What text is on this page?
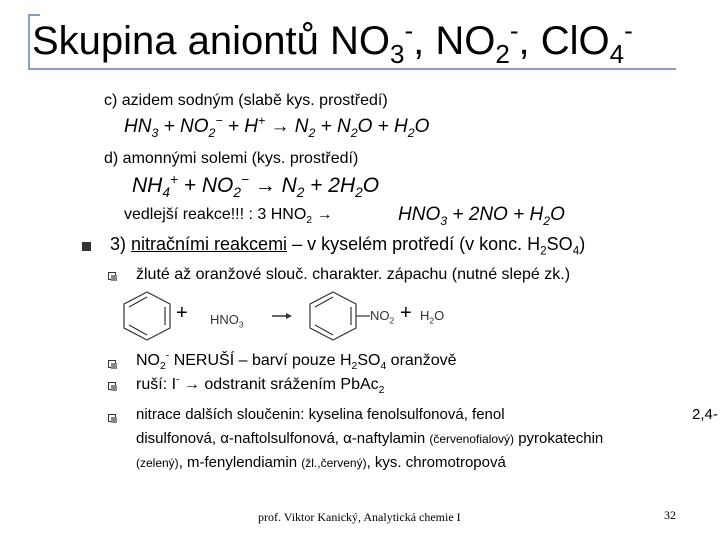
Skupina aniontů $NO_3^-$, $NO_2^-$, ClO$_4$-
c) azidem sodným (slabě kys. prostředí)
$HN_3 + NO_2^- + H^+ \to N_2 + N_2O + H_2O$
d) amonnými solemi (kys. prostředí)
$NH_4^+ + NO_2^- \to N_2 + 2H_2O$
vedlejší reakce!!! : 3 $HNO_2$ →	$HNO_3 + 2NO + H_2O$
3) nitračními reakcemi – v kyselém protředí (v konc. $H_2SO_4$)
žluté až oranžové slouč. charakter. zápachu (nutné slepé zk.)
+ $HNO_3$
$NO_2 + H_2O$
$NO_2^-$ NERUŠÍ – barví pouze $H_2SO_4$ oranžově
ruší: I- → odstranit srážením PbAc$_2$
nitrace dalších sloučenin: kyselina fenolsulfonová, fenol	2,4-
disulfonová, α-naftolsulfonová, α-naftylamin (červenofialový) pyrokatechin
(zelený), m-fenylendiamin (žl.,červený), kys. chromotropová
prof. Viktor Kanický, Analytická chemie I	32
